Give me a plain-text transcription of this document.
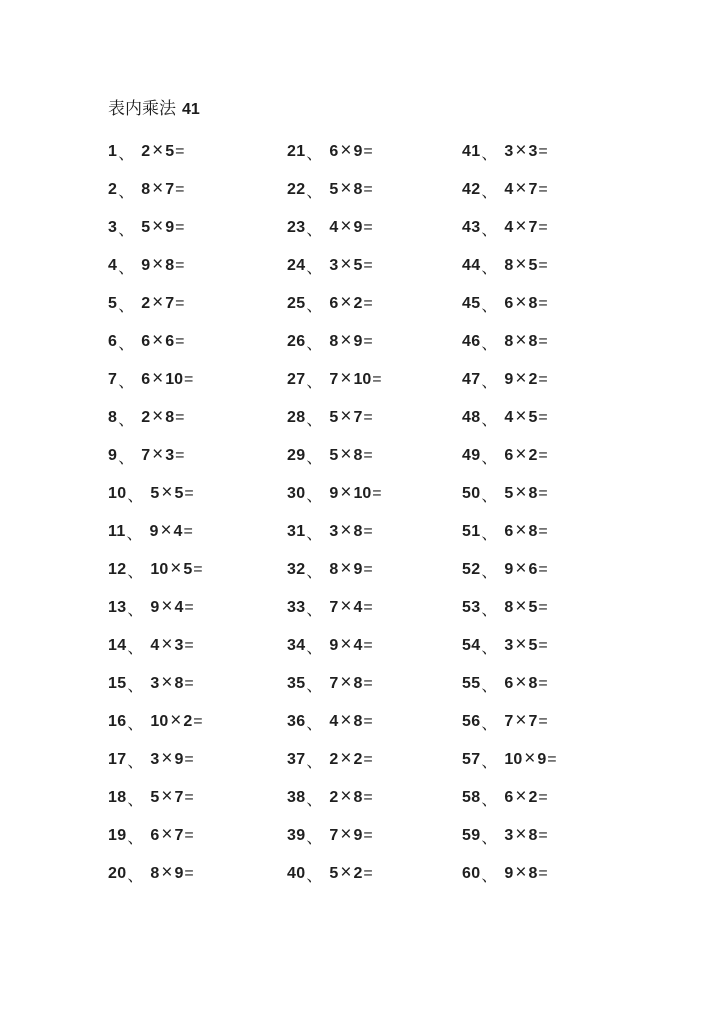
表内乘法 41
1 、 2 × 5 =
2 、 8 × 7 =
3 、 5 × 9 =
4 、 9 × 8 =
5 、 2 × 7 =
6 、 6 × 6 =
7 、 6 × 10 =
8 、 2 × 8 =
9 、 7 × 3 =
10 、 5 × 5 =
11 、 9 × 4 =
12 、 10 × 5 =
13 、 9 × 4 =
14 、 4 × 3 =
15 、 3 × 8 =
16 、 10 × 2 =
17 、 3 × 9 =
18 、 5 × 7 =
19 、 6 × 7 =
20 、 8 × 9 =
21 、 6 × 9 =
22 、 5 × 8 =
23 、 4 × 9 =
24 、 3 × 5 =
25 、 6 × 2 =
26 、 8 × 9 =
27 、 7 × 10 =
28 、 5 × 7 =
29 、 5 × 8 =
30 、 9 × 10 =
31 、 3 × 8 =
32 、 8 × 9 =
33 、 7 × 4 =
34 、 9 × 4 =
35 、 7 × 8 =
36 、 4 × 8 =
37 、 2 × 2 =
38 、 2 × 8 =
39 、 7 × 9 =
40 、 5 × 2 =
41 、 3 × 3 =
42 、 4 × 7 =
43 、 4 × 7 =
44 、 8 × 5 =
45 、 6 × 8 =
46 、 8 × 8 =
47 、 9 × 2 =
48 、 4 × 5 =
49 、 6 × 2 =
50 、 5 × 8 =
51 、 6 × 8 =
52 、 9 × 6 =
53 、 8 × 5 =
54 、 3 × 5 =
55 、 6 × 8 =
56 、 7 × 7 =
57 、 10 × 9 =
58 、 6 × 2 =
59 、 3 × 8 =
60 、 9 × 8 =
